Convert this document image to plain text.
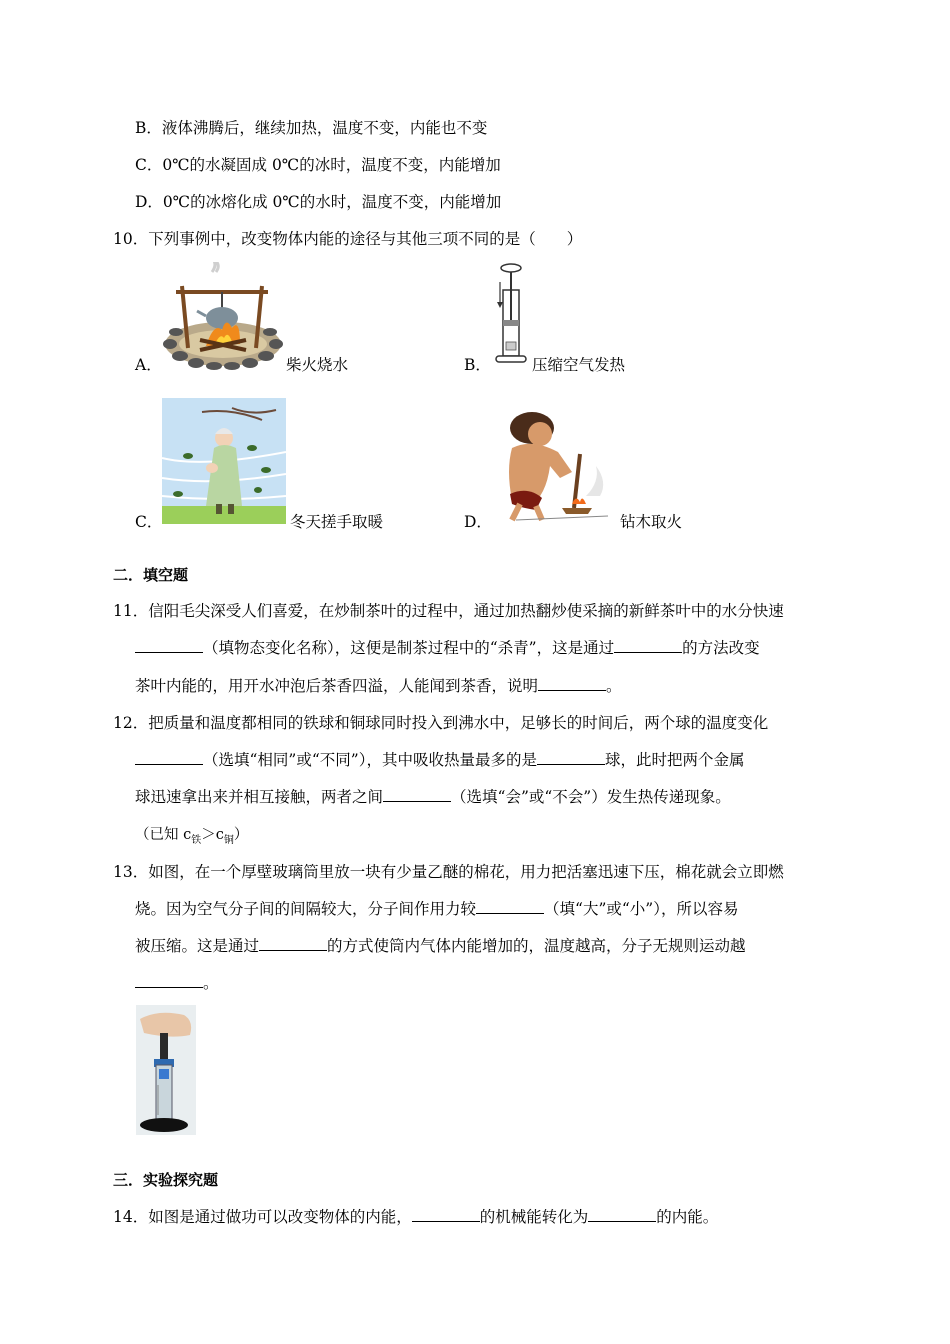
B．液体沸腾后，继续加热，温度不变，内能也不变
C．0℃的水凝固成 0℃的冰时，温度不变，内能增加
D．0℃的冰熔化成 0℃的水时，温度不变，内能增加
10．下列事例中，改变物体内能的途径与其他三项不同的是（　　）
A．	柴火烧水	B．	压缩空气发热
C．	冬天搓手取暖	D．	钻木取火
二．填空题
11．信阳毛尖深受人们喜爱，在炒制茶叶的过程中，通过加热翻炒使采摘的新鲜茶叶中的水分快速
（填物态变化名称），这便是制茶过程中的“杀青”，这是通过	的方法改变
茶叶内能的，用开水冲泡后茶香四溢，人能闻到茶香，说明	。
12．把质量和温度都相同的铁球和铜球同时投入到沸水中，足够长的时间后，两个球的温度变化
（选填“相同”或“不同”），其中吸收热量最多的是	球，此时把两个金属
球迅速拿出来并相互接触，两者之间	（选填“会”或“不会”）发生热传递现象。
（已知 $c_铁>c_铜$）
13．如图，在一个厚壁玻璃筒里放一块有少量乙醚的棉花，用力把活塞迅速下压，棉花就会立即燃
烧。因为空气分子间的间隔较大，分子间作用力较	（填“大”或“小”），所以容易
被压缩。这是通过	的方式使筒内气体内能增加的，温度越高，分子无规则运动越
。
三．实验探究题
14．如图是通过做功可以改变物体的内能，	的机械能转化为	的内能。
